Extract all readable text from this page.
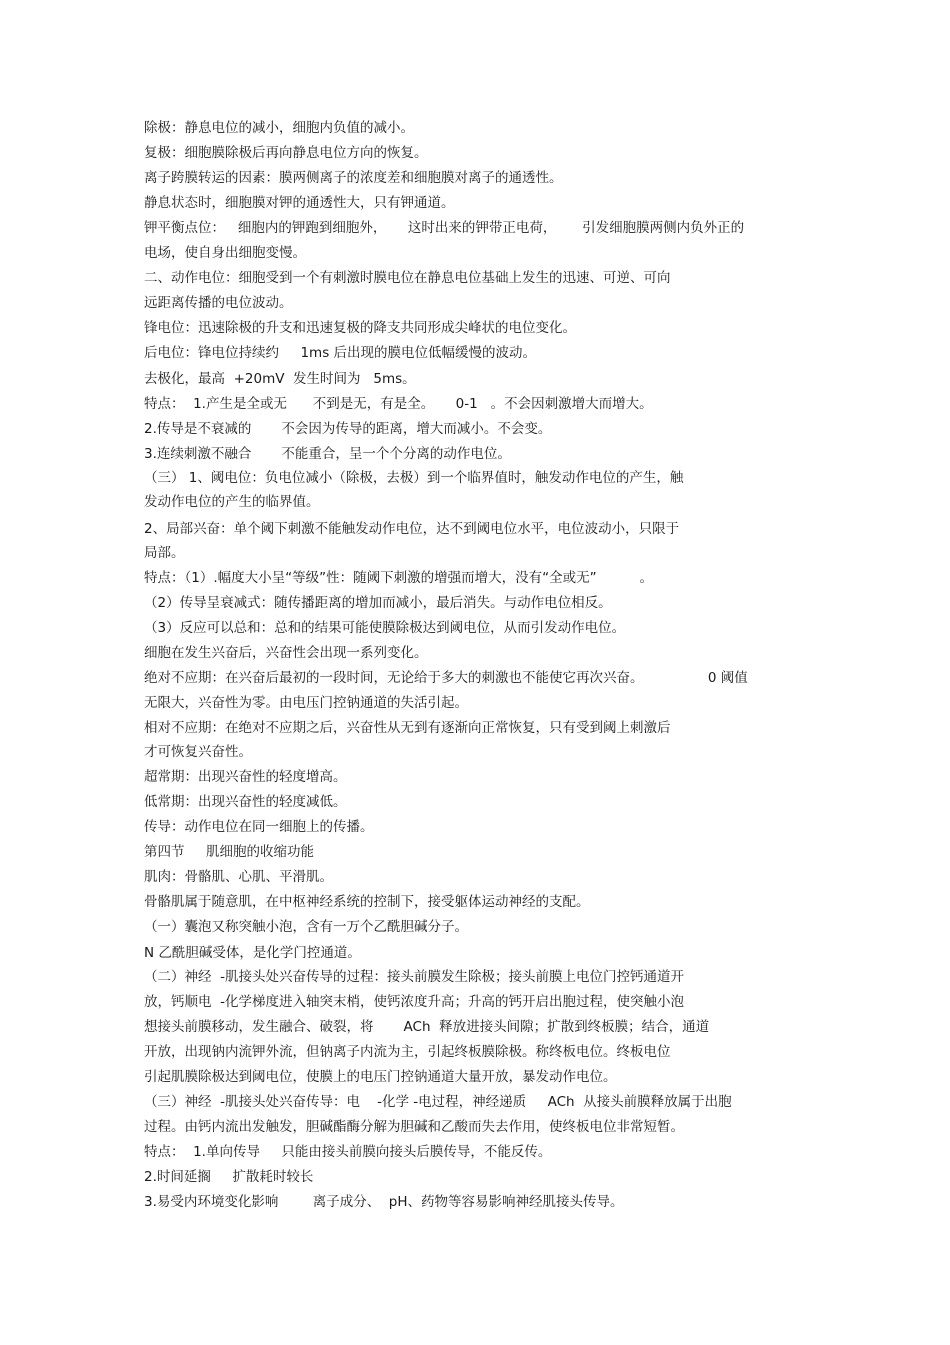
除极：静息电位的减小，细胞内负值的减小。
复极：细胞膜除极后再向静息电位方向的恢复。
离子跨膜转运的因素：膜两侧离子的浓度差和细胞膜对离子的通透性。
静息状态时，细胞膜对钾的通透性大，只有钾通道。
钾平衡点位：   细胞内的钾跑到细胞外，     这时出来的钾带正电荷，      引发细胞膜两侧内负外正的
电场，使自身出细胞变慢。
二、动作电位：细胞受到一个有刺激时膜电位在静息电位基础上发生的迅速、可逆、可向
远距离传播的电位波动。
锋电位：迅速除极的升支和迅速复极的降支共同形成尖峰状的电位变化。
后电位：锋电位持续约     1ms 后出现的膜电位低幅缓慢的波动。
去极化，最高  +20mV  发生时间为   5ms。
特点：  1.产生是全或无      不到是无，有是全。     0-1   。不会因刺激增大而增大。
2.传导是不衰减的       不会因为传导的距离，增大而减小。不会变。
3.连续刺激不融合       不能重合，呈一个个分离的动作电位。
（三） 1、阈电位：负电位减小（除极，去极）到一个临界值时，触发动作电位的产生，触
发动作电位的产生的临界值。
2、局部兴奋：单个阈下刺激不能触发动作电位，达不到阈电位水平，电位波动小，只限于
局部。
特点：（1）.幅度大小呈“等级”性：随阈下刺激的增强而增大，没有“全或无”          。
（2）传导呈衰减式：随传播距离的增加而减小，最后消失。与动作电位相反。
（3）反应可以总和：总和的结果可能使膜除极达到阈电位，从而引发动作电位。
细胞在发生兴奋后，兴奋性会出现一系列变化。
绝对不应期：在兴奋后最初的一段时间，无论给于多大的刺激也不能使它再次兴奋。               0 阈值
无限大，兴奋性为零。由电压门控钠通道的失活引起。
相对不应期：在绝对不应期之后，兴奋性从无到有逐渐向正常恢复，只有受到阈上刺激后
才可恢复兴奋性。
超常期：出现兴奋性的轻度增高。
低常期：出现兴奋性的轻度减低。
传导：动作电位在同一细胞上的传播。
第四节     肌细胞的收缩功能
肌肉：骨骼肌、心肌、平滑肌。
骨骼肌属于随意肌，在中枢神经系统的控制下，接受躯体运动神经的支配。
（一）囊泡又称突触小泡，含有一万个乙酰胆碱分子。
N 乙酰胆碱受体，是化学门控通道。
（二）神经  -肌接头处兴奋传导的过程：接头前膜发生除极；接头前膜上电位门控钙通道开
放，钙顺电  -化学梯度进入轴突末梢，使钙浓度升高；升高的钙开启出胞过程，使突触小泡
想接头前膜移动，发生融合、破裂，将       ACh  释放进接头间隙；扩散到终板膜；结合，通道
开放，出现钠内流钾外流，但钠离子内流为主，引起终板膜除极。称终板电位。终板电位
引起肌膜除极达到阈电位，使膜上的电压门控钠通道大量开放，暴发动作电位。
（三）神经  -肌接头处兴奋传导：电    -化学 -电过程，神经递质     ACh  从接头前膜释放属于出胞
过程。由钙内流出发触发，胆碱酯酶分解为胆碱和乙酸而失去作用，使终板电位非常短暂。
特点：  1.单向传导     只能由接头前膜向接头后膜传导，不能反传。
2.时间延搁     扩散耗时较长
3.易受内环境变化影响        离子成分、  pH、药物等容易影响神经肌接头传导。
